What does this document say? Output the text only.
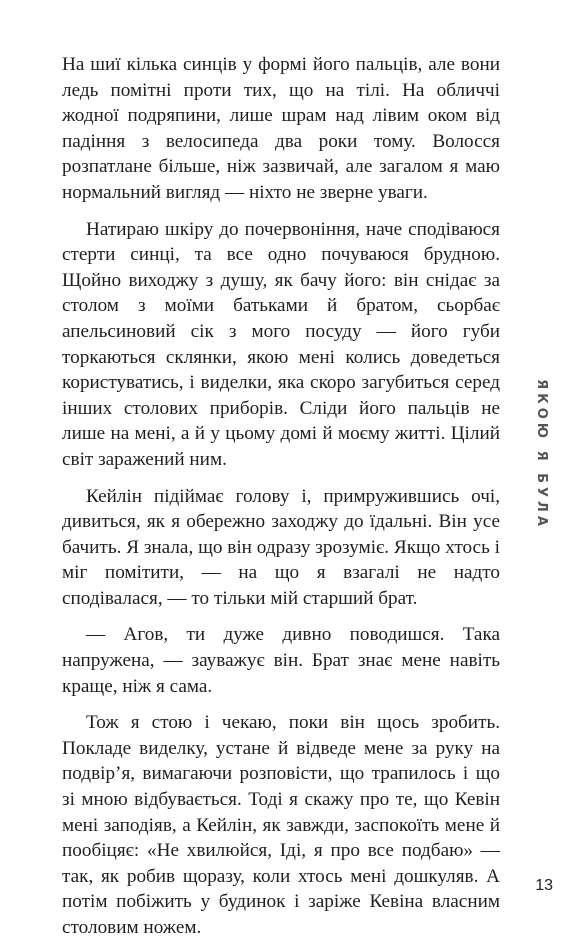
На шиї кілька синців у формі його пальців, але вони ледь помітні проти тих, що на тілі. На обличчі жодної подряпини, лише шрам над лівим оком від падіння з велосипеда два роки тому. Волосся розпатлане більше, ніж зазвичай, але загалом я маю нормальний вигляд — ніхто не зверне уваги.

Натираю шкіру до почервоніння, наче сподіваюся стерти синці, та все одно почуваюся брудною. Щойно виходжу з душу, як бачу його: він снідає за столом з моїми батьками й братом, сьорбає апельсиновий сік з мого посуду — його губи торкаються склянки, якою мені колись доведеться користуватись, і виделки, яка скоро загубиться серед інших столових приборів. Сліди його пальців не лише на мені, а й у цьому домі й моєму житті. Цілий світ заражений ним.

Кейлін підіймає голову і, примружившись очі, дивиться, як я обережно заходжу до їдальні. Він усе бачить. Я знала, що він одразу зрозуміє. Якщо хтось і міг помітити, — на що я взагалі не надто сподівалася, — то тільки мій старший брат.

— Агов, ти дуже дивно поводишся. Така напружена, — зауважує він. Брат знає мене навіть краще, ніж я сама.

Тож я стою і чекаю, поки він щось зробить. Покладе виделку, устане й відведе мене за руку на подвір’я, вимагаючи розповісти, що трапилось і що зі мною відбувається. Тоді я скажу про те, що Кевін мені заподіяв, а Кейлін, як завжди, заспокоїть мене й пообіцяє: «Не хвилюйся, Іді, я про все подбаю» — так, як робив щоразу, коли хтось мені дошкуляв. А потім побіжить у будинок і заріже Кевіна власним столовим ножем.

ЯКОЮ Я БУЛА
13
